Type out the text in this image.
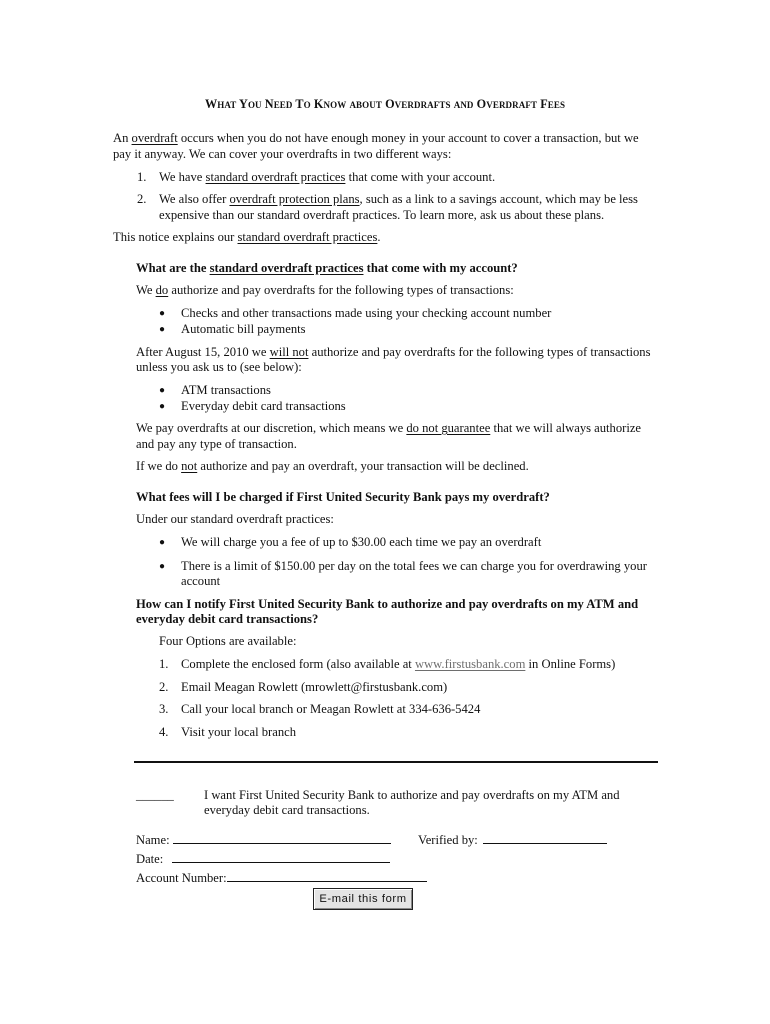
What You Need To Know about Overdrafts and Overdraft Fees
An overdraft occurs when you do not have enough money in your account to cover a transaction, but we
pay it anyway. We can cover your overdrafts in two different ways:
1. We have standard overdraft practices that come with your account.
2. We also offer overdraft protection plans, such as a link to a savings account, which may be less
expensive than our standard overdraft practices. To learn more, ask us about these plans.
This notice explains our standard overdraft practices.
What are the standard overdraft practices that come with my account?
We do authorize and pay overdrafts for the following types of transactions:
● Checks and other transactions made using your checking account number
● Automatic bill payments
After August 15, 2010 we will not authorize and pay overdrafts for the following types of transactions
unless you ask us to (see below):
● ATM transactions
● Everyday debit card transactions
We pay overdrafts at our discretion, which means we do not guarantee that we will always authorize
and pay any type of transaction.
If we do not authorize and pay an overdraft, your transaction will be declined.
What fees will I be charged if First United Security Bank pays my overdraft?
Under our standard overdraft practices:
● We will charge you a fee of up to $30.00 each time we pay an overdraft
● There is a limit of $150.00 per day on the total fees we can charge you for overdrawing your
account
How can I notify First United Security Bank to authorize and pay overdrafts on my ATM and
everyday debit card transactions?
Four Options are available:
1. Complete the enclosed form (also available at www.firstusbank.com in Online Forms)
2. Email Meagan Rowlett (mrowlett@firstusbank.com)
3. Call your local branch or Meagan Rowlett at 334-636-5424
4. Visit your local branch
______ I want First United Security Bank to authorize and pay overdrafts on my ATM and
everyday debit card transactions.
Name:	Verified by:
Date:
Account Number:
E-mail this form
